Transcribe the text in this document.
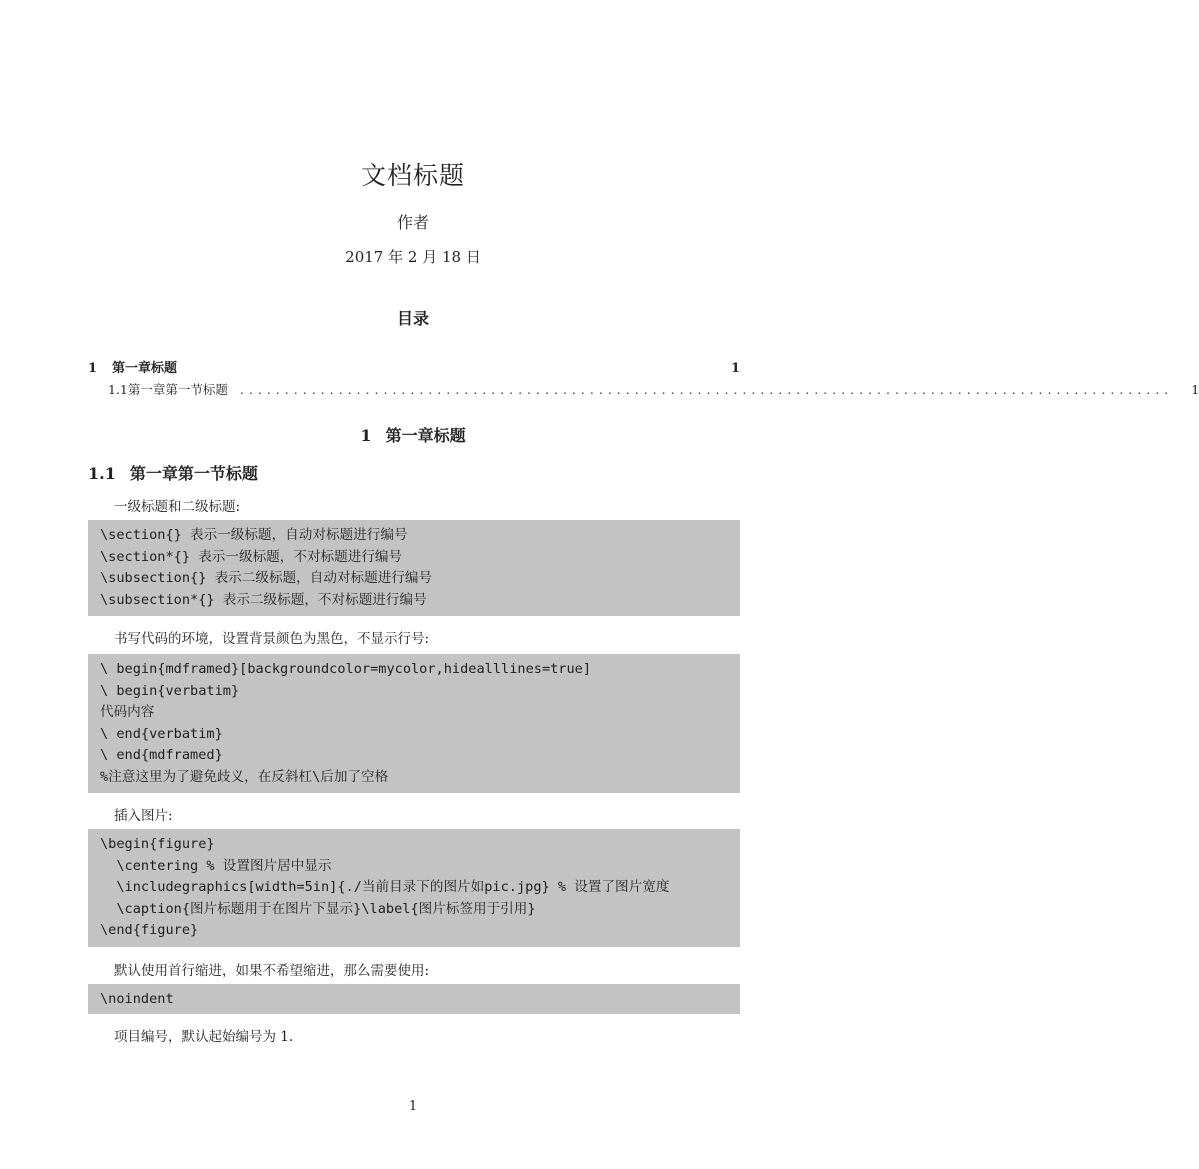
文档标题
作者
2017 年 2 月 18 日
目录
1	第一章标题	1
1.1 第一章第一节标题 ........................................................................................................ 1
1 第一章标题
1.1 第一章第一节标题
一级标题和二级标题:
\section{} 表示一级标题，自动对标题进行编号
\section*{} 表示一级标题，不对标题进行编号
\subsection{} 表示二级标题，自动对标题进行编号
\subsection*{} 表示二级标题，不对标题进行编号
书写代码的环境，设置背景颜色为黑色，不显示行号:
\ begin{mdframed}[backgroundcolor=mycolor,hidealllines=true]
\ begin{verbatim}
代码内容
\ end{verbatim}
\ end{mdframed}
%注意这里为了避免歧义，在反斜杠\后加了空格
插入图片:
\begin{figure}
\centering % 设置图片居中显示
\includegraphics[width=5in]{./当前目录下的图片如pic.jpg} % 设置了图片宽度
\caption{图片标题用于在图片下显示}\label{图片标签用于引用}
\end{figure}
默认使用首行缩进，如果不希望缩进，那么需要使用:
\noindent
项目编号，默认起始编号为 1.
1
